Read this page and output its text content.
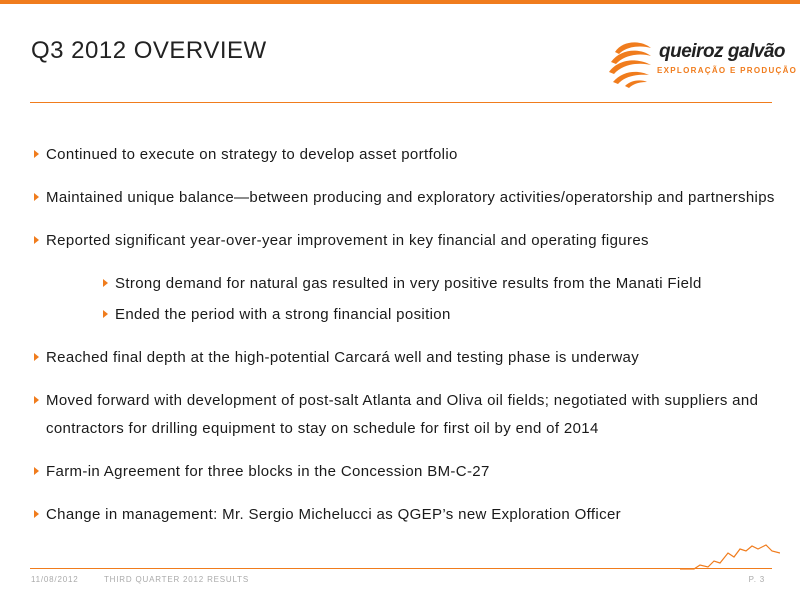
Q3 2012 OVERVIEW	queiroz galvão
EXPLORAÇÃO E PRODUÇÃO
Continued to execute on strategy to develop asset portfolio
Maintained unique balance—between producing and exploratory activities/operatorship and partnerships
Reported significant year-over-year improvement in key financial and operating figures
Strong demand for natural gas resulted in very positive results from the Manati Field
Ended the period with a strong financial position
Reached final depth at the high-potential Carcará well and testing phase is underway
Moved forward with development of post-salt Atlanta and Oliva oil fields; negotiated with suppliers and contractors for drilling equipment to stay on schedule for first oil by end of 2014
Farm-in Agreement for three blocks in the Concession BM-C-27
Change in management: Mr. Sergio Michelucci as QGEP’s new Exploration Officer
11/08/2012	THIRD QUARTER 2012 RESULTS	P. 3
